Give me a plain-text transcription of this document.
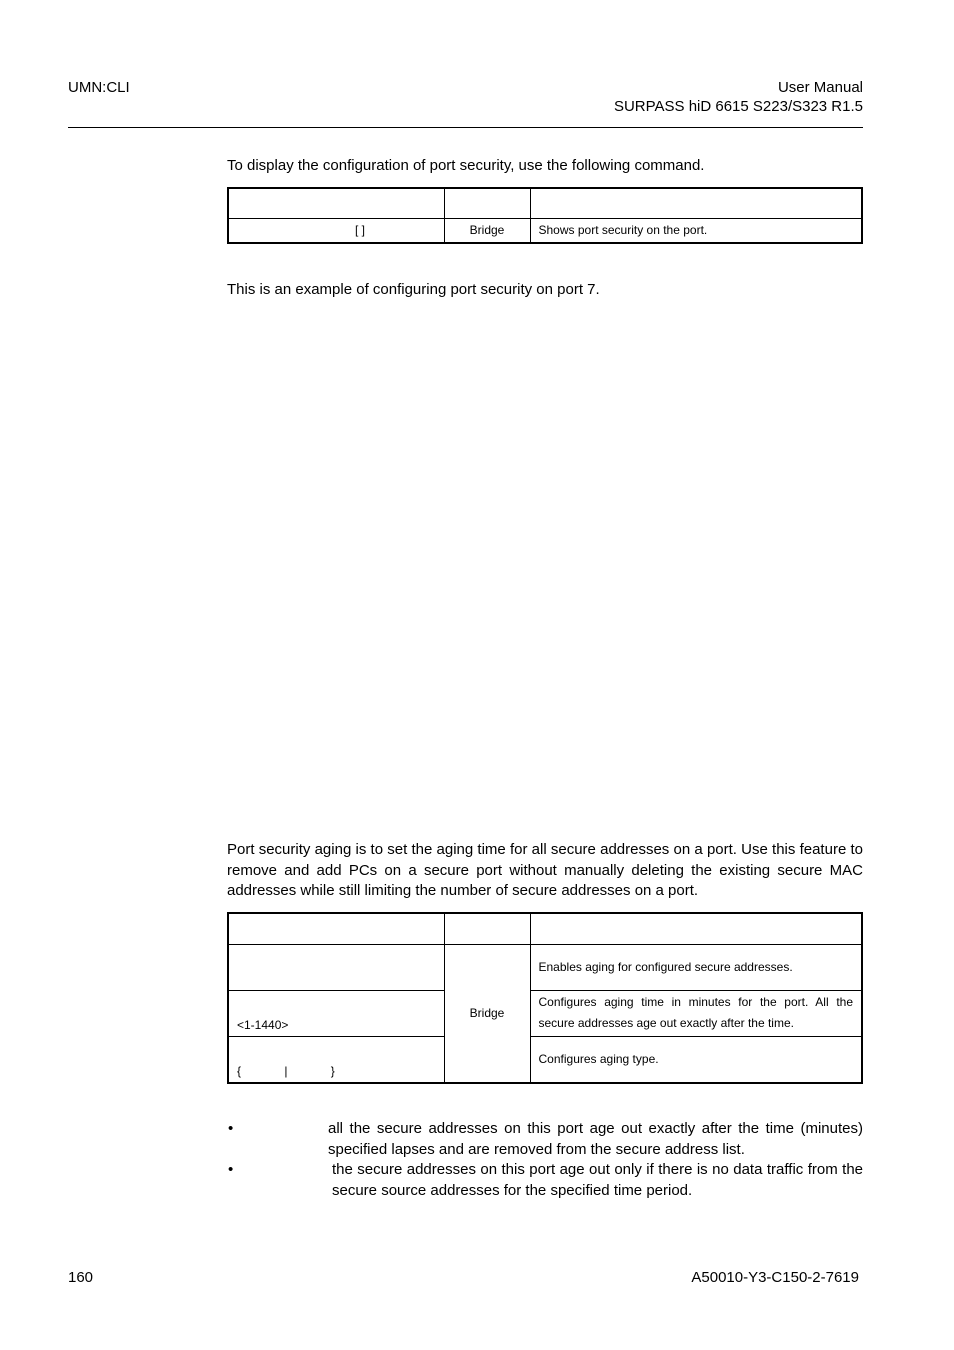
UMN:CLI	User Manual
SURPASS hiD 6615 S223/S323 R1.5
To display the configuration of port security, use the following command.

[ ]	Bridge	Shows port security on the port.
This is an example of configuring port security on port 7.
Port security aging is to set the aging time for all secure addresses on a port. Use this feature to remove and add PCs on a secure port without manually deleting the existing secure MAC addresses while still limiting the number of secure addresses on a port.

	Bridge	Enables aging for configured secure addresses.
<1-1440>		Configures aging time in minutes for the port. All the secure addresses age out exactly after the time.
{             |             }		Configures aging type.
•	all the secure addresses on this port age out exactly after the time (minutes) specified lapses and are removed from the secure address list.
•	the secure addresses on this port age out only if there is no data traffic from the secure source addresses for the specified time period.
160	A50010-Y3-C150-2-7619
